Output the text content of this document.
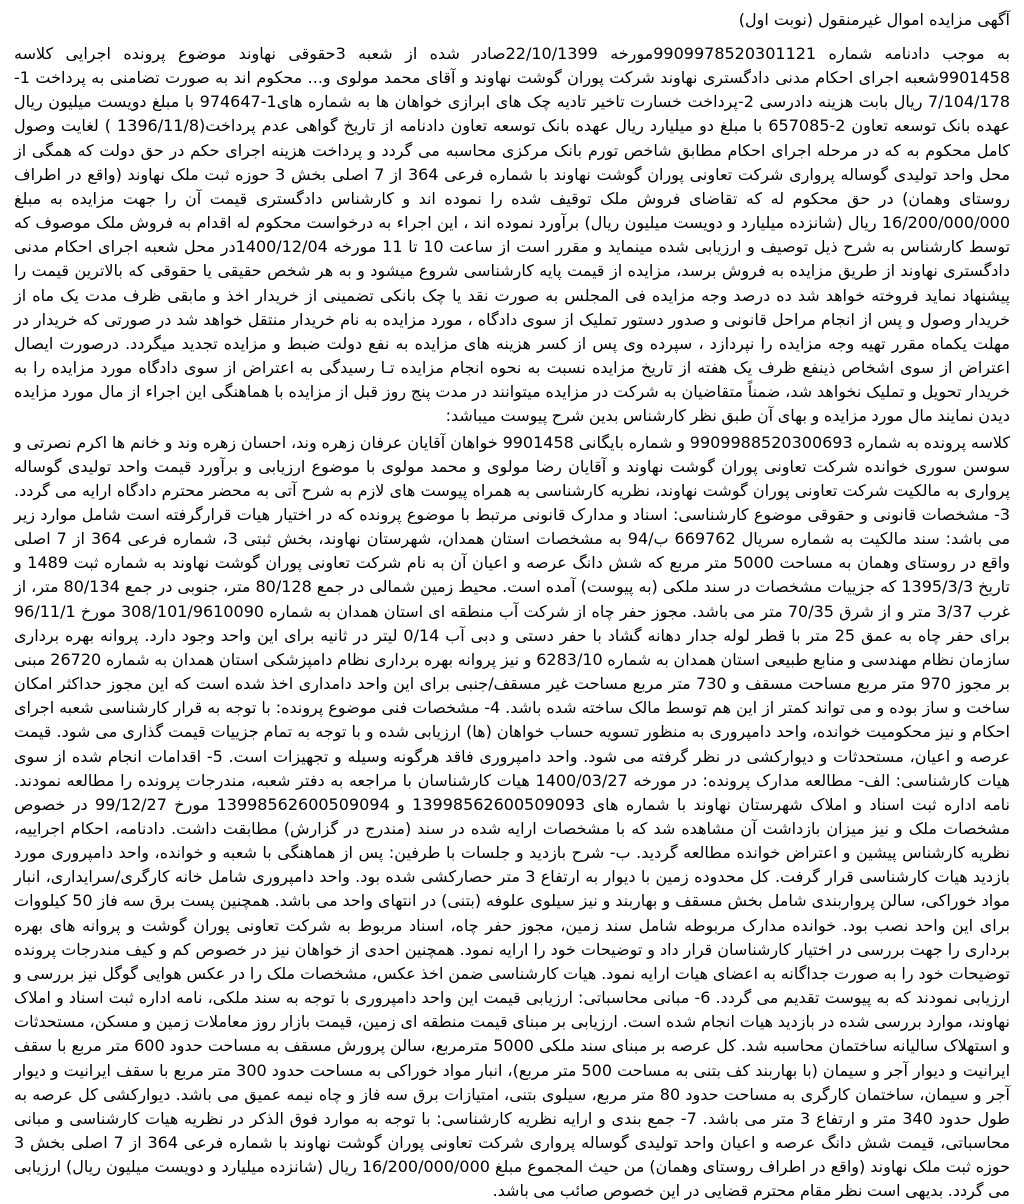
آگهی مزایده اموال غیرمنقول (نوبت اول)

به موجب دادنامه شماره 9909978520301121مورخه 22/10/1399صادر شده از شعبه 3حقوقی نهاوند موضوع پرونده اجرایی کلاسه 9901458شعبه اجرای احکام مدنی دادگستری نهاوند شرکت پوران گوشت نهاوند و آقای محمد مولوی و... محکوم اند به صورت تضامنی به پرداخت 1-7/104/178 ریال بابت هزینه دادرسی 2-پرداخت خسارت تاخیر تادیه چک های ابرازی خواهان ها به شماره های1-974647 با مبلغ دویست میلیون ریال عهده بانک توسعه تعاون 2-657085 با مبلغ دو میلیارد ریال عهده بانک توسعه تعاون دادنامه از تاریخ گواهی عدم پرداخت(1396/11/8 ) لغایت وصول کامل محکوم به که در مرحله اجرای احکام مطابق شاخص تورم بانک مرکزی محاسبه می گردد و پرداخت هزینه اجرای حکم در حق دولت که همگی از محل واحد تولیدی گوساله پرواری شرکت تعاونی پوران گوشت نهاوند با شماره فرعی 364 از 7 اصلی بخش 3 حوزه ثبت ملک نهاوند (واقع در اطراف روستای وهمان) در حق محکوم له که تقاضای فروش ملک توقیف شده را نموده اند و کارشناس دادگستری قیمت آن را جهت مزایده به مبلغ 16/200/000/000 ریال (شانزده میلیارد و دویست میلیون ریال) برآورد نموده اند ، این اجراء به درخواست محکوم له اقدام به فروش ملک موصوف که توسط کارشناس به شرح ذیل توصیف و ارزیابی شده مینماید و مقرر است از ساعت 10 تا 11 مورخه 1400/12/04در محل شعبه اجرای احکام مدنی دادگستری نهاوند از طریق مزایده به فروش برسد، مزایده از قیمت پایه کارشناسی شروع میشود و به هر شخص حقیقی یا حقوقی که بالاترین قیمت را پیشنهاد نماید فروخته خواهد شد ده درصد وجه مزایده فی المجلس به صورت نقد یا چک بانکی تضمینی از خریدار اخذ و مابقی ظرف مدت یک ماه از خریدار وصول و پس از انجام مراحل قانونی و صدور دستور تملیک از سوی دادگاه ، مورد مزایده به نام خریدار منتقل خواهد شد در صورتی که خریدار در مهلت یکماه مقرر تهیه وجه مزایده را نپردازد ، سپرده وی پس از کسر هزینه های مزایده به نفع دولت ضبط و مزایده تجدید میگردد. درصورت ایصال اعتراض از سوی اشخاص ذینفع ظرف یک هفته از تاریخ مزایده نسبت به نحوه انجام مزایده تـا رسیدگی به اعتراض از سوی دادگاه مورد مزایده را به خریدار تحویل و تملیک نخواهد شد، ضمناً متقاضیان به شرکت در مزایده میتوانند در مدت پنج روز قبل از مزایده با هماهنگی این اجراء از مال مورد مزایده دیدن نمایند مال مورد مزایده و بهای آن طبق نظر کارشناس بدین شرح پیوست میباشد:

کلاسه پرونده به شماره 9909988520300693 و شماره بایگانی 9901458 خواهان آقایان عرفان زهره وند، احسان زهره وند و خانم ها اکرم نصرتی و سوسن سوری خوانده شرکت تعاونی پوران گوشت نهاوند و آقایان رضا مولوی و محمد مولوی با موضوع ارزیابی و برآورد قیمت واحد تولیدی گوساله پرواری به مالکیت شرکت تعاونی پوران گوشت نهاوند، نظریه کارشناسی به همراه پیوست های لازم به شرح آتی به محضر محترم دادگاه ارایه می گردد. 3- مشخصات قانونی و حقوقی موضوع کارشناسی: اسناد و مدارک قانونی مرتبط با موضوع پرونده که در اختیار هیات قرارگرفته است شامل موارد زیر می باشد: سند مالکیت به شماره سریال 669762 ب/94 به مشخصات استان همدان، شهرستان نهاوند، بخش ثبتی 3، شماره فرعی 364 از 7 اصلی واقع در روستای وهمان به مساحت 5000 متر مربع که شش دانگ عرصه و اعیان آن به نام شرکت تعاونی پوران گوشت نهاوند به شماره ثبت 1489 و تاریخ 1395/3/3 که جزییات مشخصات در سند ملکی (به پیوست) آمده است. محیط زمین شمالی در جمع 80/128 متر، جنوبی در جمع 80/134 متر، از غرب 3/37 متر و از شرق 70/35 متر می باشد. مجوز حفر چاه از شرکت آب منطقه ای استان همدان به شماره 308/101/9610090 مورخ 96/11/1 برای حفر چاه به عمق 25 متر با قطر لوله جدار دهانه گشاد با حفر دستی و دبی آب 0/14 لیتر در ثانیه برای این واحد وجود دارد. پروانه بهره برداری سازمان نظام مهندسی و منابع طبیعی استان همدان به شماره 6283/10 و نیز پروانه بهره برداری نظام دامپزشکی استان همدان به شماره 26720 مبنی بر مجوز 970 متر مربع مساحت مسقف و 730 متر مربع مساحت غیر مسقف/جنبی برای این واحد دامداری اخذ شده است که این مجوز حداکثر امکان ساخت و ساز بوده و می تواند کمتر از این هم توسط مالک ساخته شده باشد. 4- مشخصات فنی موضوع پرونده: با توجه به قرار کارشناسی شعبه اجرای احکام و نیز محکومیت خوانده، واحد دامپروری به منظور تسویه حساب خواهان (ها) ارزیابی شده و با توجه به تمام جزییات قیمت گذاری می شود. قیمت عرصه و اعیان، مستحدثات و دیوارکشی در نظر گرفته می شود. واحد دامپروری فاقد هرگونه وسیله و تجهیزات است. 5- اقدامات انجام شده از سوی هیات کارشناسی: الف- مطالعه مدارک پرونده: در مورخه 1400/03/27 هیات کارشناسان با مراجعه به دفتر شعبه، مندرجات پرونده را مطالعه نمودند. نامه اداره ثبت اسناد و املاک شهرستان نهاوند با شماره های 13998562600509093 و 13998562600509094 مورخ 99/12/27 در خصوص مشخصات ملک و نیز میزان بازداشت آن مشاهده شد که با مشخصات ارایه شده در سند (مندرج در گزارش) مطابقت داشت. دادنامه، احکام اجراییه، نظریه کارشناس پیشین و اعتراض خوانده مطالعه گردید. ب- شرح بازدید و جلسات با طرفین: پس از هماهنگی با شعبه و خوانده، واحد دامپروری مورد بازدید هیات کارشناسی قرار گرفت. کل محدوده زمین با دیوار به ارتفاع 3 متر حصارکشی شده بود. واحد دامپروری شامل خانه کارگری/سرایداری، انبار مواد خوراکی، سالن پرواربندی شامل بخش مسقف و بهاربند و نیز سیلوی علوفه (بتنی) در انتهای واحد می باشد. همچنین پست برق سه فاز 50 کیلووات برای این واحد نصب بود. خوانده مدارک مربوطه شامل سند زمین، مجوز حفر چاه، اسناد مربوط به شرکت تعاونی پوران گوشت و پروانه های بهره برداری را جهت بررسی در اختیار کارشناسان قرار داد و توضیحات خود را ارایه نمود. همچنین احدی از خواهان نیز در خصوص کم و کیف مندرجات پرونده توضیحات خود را به صورت جداگانه به اعضای هیات ارایه نمود. هیات کارشناسی ضمن اخذ عکس، مشخصات ملک را در عکس هوایی گوگل نیز بررسی و ارزیابی نمودند که به پیوست تقدیم می گردد. 6- مبانی محاسباتی: ارزیابی قیمت این واحد دامپروری با توجه به سند ملکی، نامه اداره ثبت اسناد و املاک نهاوند، موارد بررسی شده در بازدید هیات انجام شده است. ارزیابی بر مبنای قیمت منطقه ای زمین، قیمت بازار روز معاملات زمین و مسکن، مستحدثات و استهلاک سالیانه ساختمان محاسبه شد. کل عرصه بر مبنای سند ملکی 5000 مترمربع، سالن پرورش مسقف به مساحت حدود 600 متر مربع با سقف ایرانیت و دیوار آجر و سیمان (با بهاربند کف بتنی به مساحت 500 متر مربع)، انبار مواد خوراکی به مساحت حدود 300 متر مربع با سقف ایرانیت و دیوار آجر و سیمان، ساختمان کارگری به مساحت حدود 80 متر مربع، سیلوی بتنی، امتیازات برق سه فاز و چاه نیمه عمیق می باشد. دیوارکشی کل عرصه به طول حدود 340 متر و ارتفاع 3 متر می باشد. 7- جمع بندی و ارایه نظریه کارشناسی: با توجه به موارد فوق الذکر در نظریه هیات کارشناسی و مبانی محاسباتی، قیمت شش دانگ عرصه و اعیان واحد تولیدی گوساله پرواری شرکت تعاونی پوران گوشت نهاوند با شماره فرعی 364 از 7 اصلی بخش 3 حوزه ثبت ملک نهاوند (واقع در اطراف روستای وهمان) من حیث المجموع مبلغ 16/200/000/000 ریال (شانزده میلیارد و دویست میلیون ریال) ارزیابی می گردد. بدیهی است نظر مقام محترم قضایی در این خصوص صائب می باشد.
